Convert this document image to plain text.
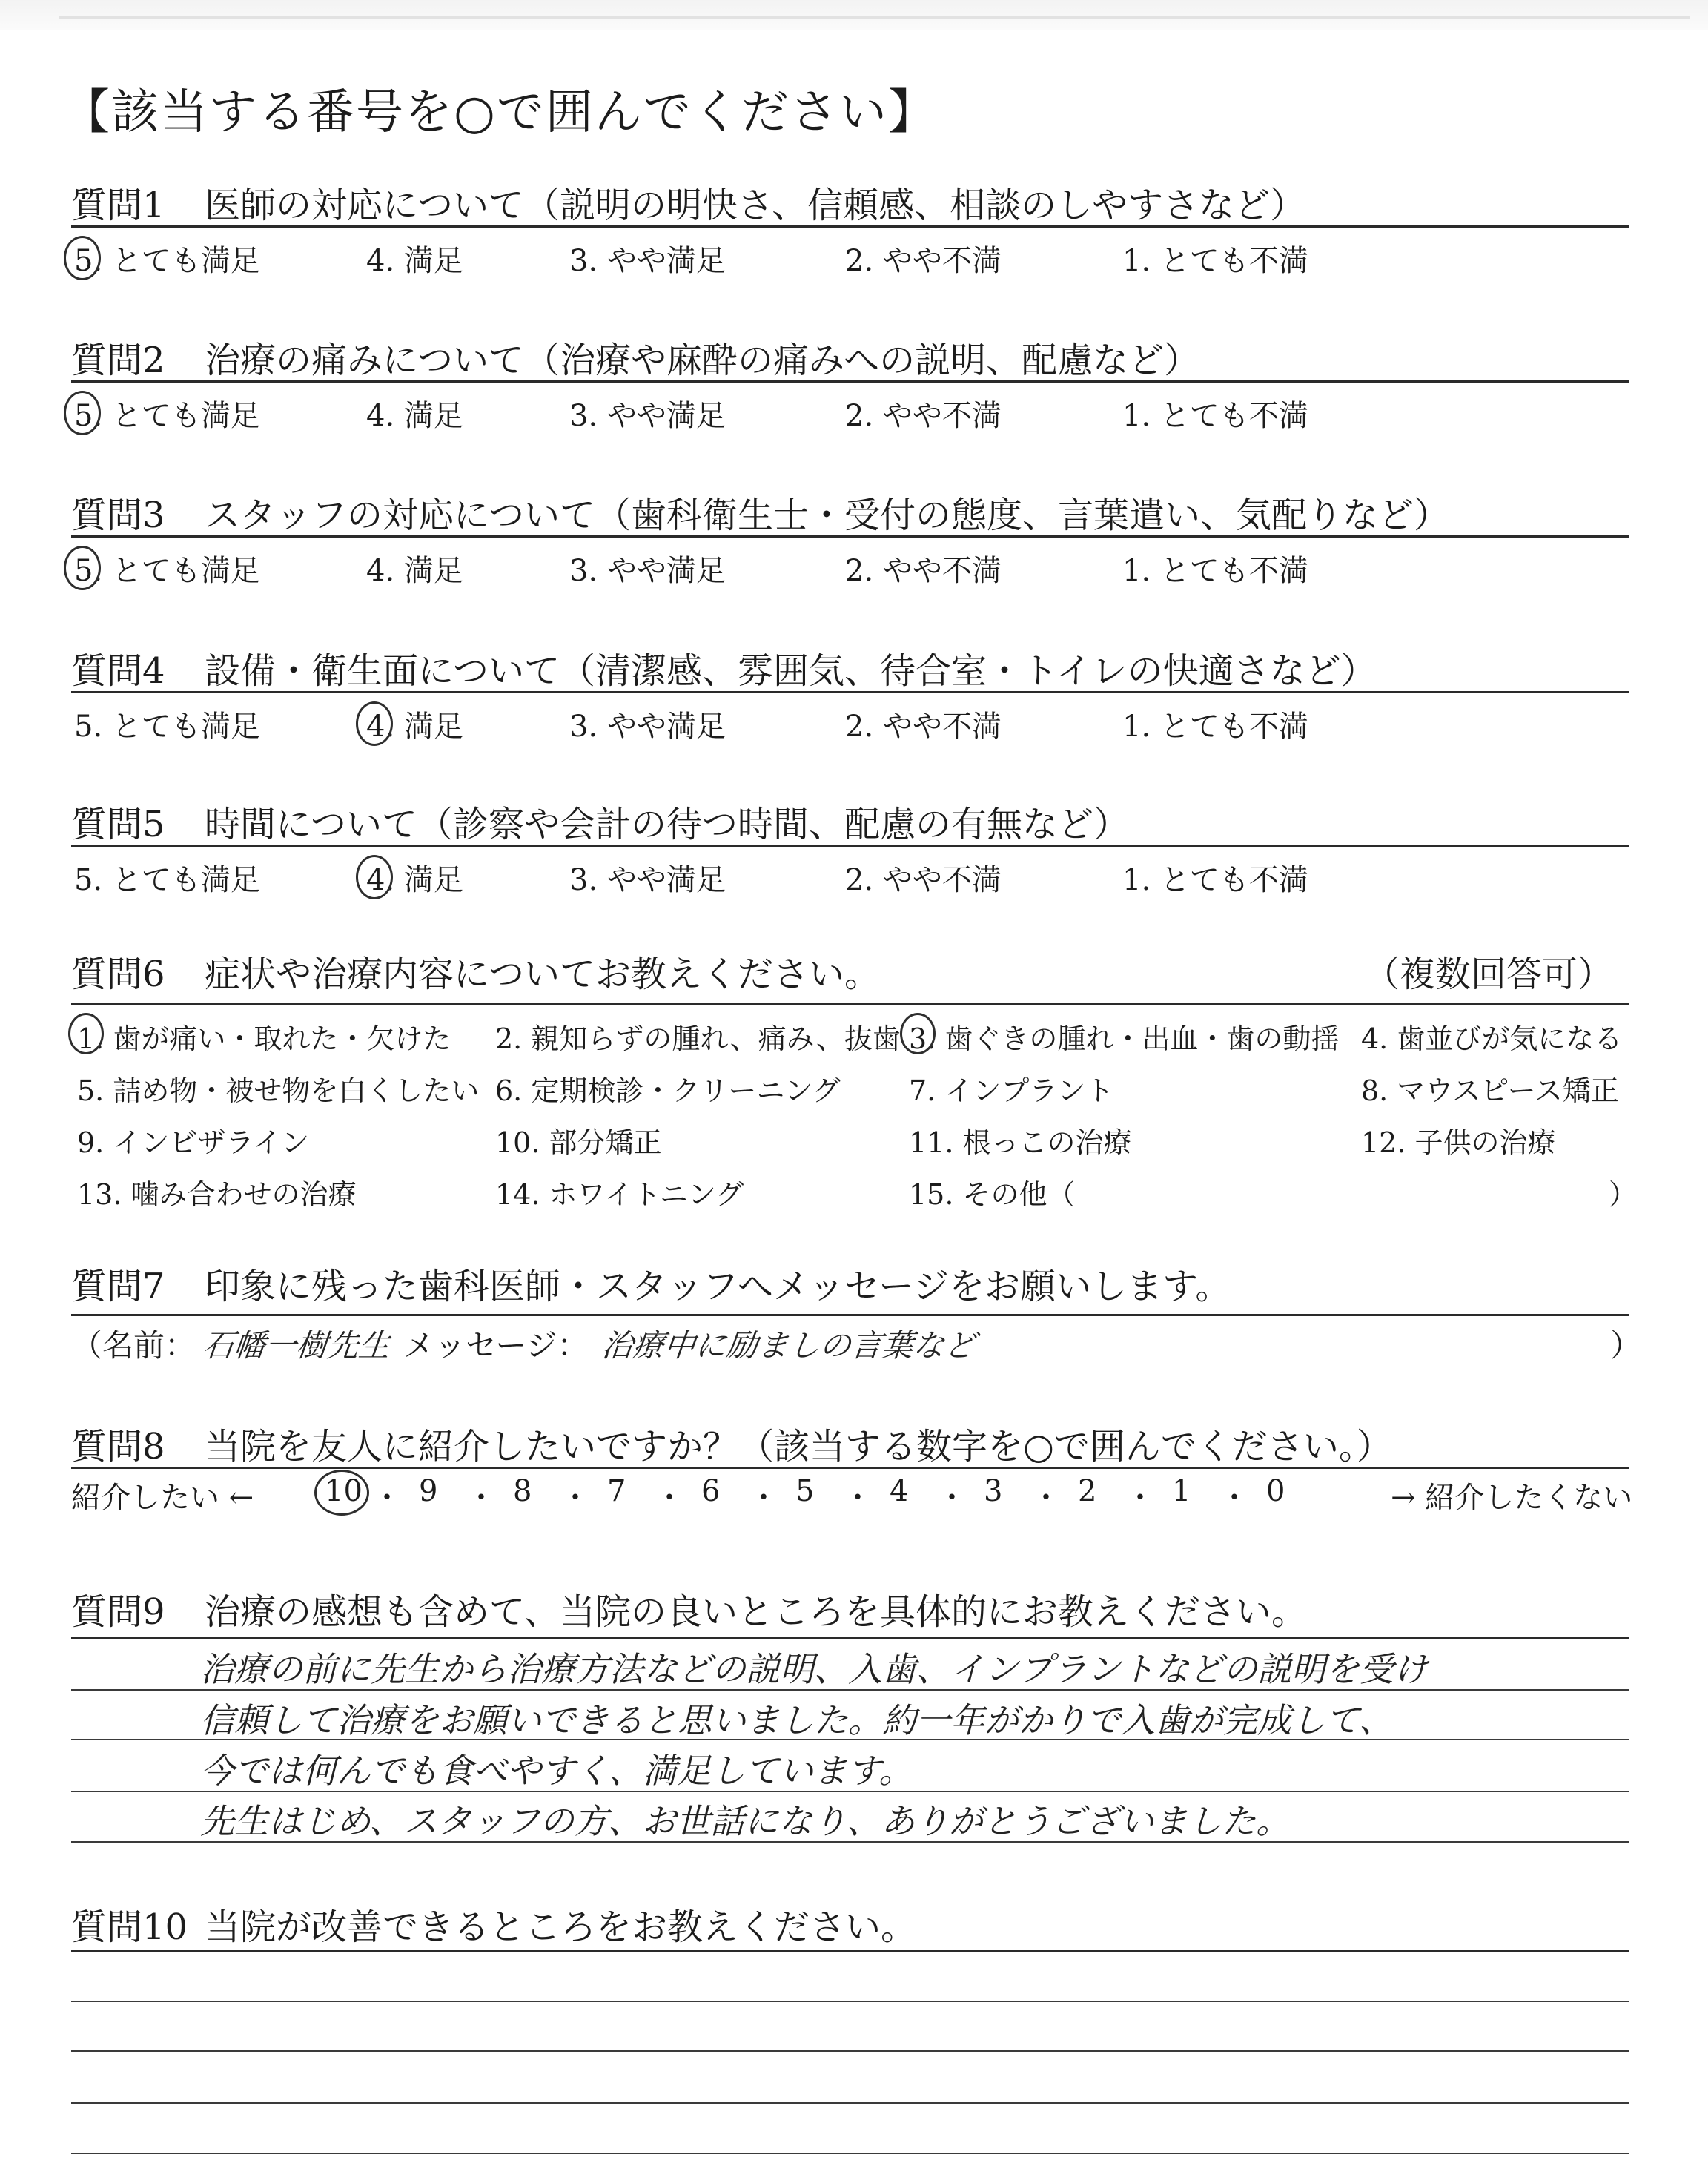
【該当する番号を○で囲んでください】
質問1 医師の対応について（説明の明快さ、信頼感、相談のしやすさなど）
5. とても満足	4. 満足	3. やや満足	2. やや不満	1. とても不満
質問2 治療の痛みについて（治療や麻酔の痛みへの説明、配慮など）
5. とても満足	4. 満足	3. やや満足	2. やや不満	1. とても不満
質問3 スタッフの対応について（歯科衛生士・受付の態度、言葉遣い、気配りなど）
5. とても満足	4. 満足	3. やや満足	2. やや不満	1. とても不満
質問4 設備・衛生面について（清潔感、雰囲気、待合室・トイレの快適さなど）
5. とても満足	4. 満足	3. やや満足	2. やや不満	1. とても不満
質問5 時間について（診察や会計の待つ時間、配慮の有無など）
5. とても満足	4. 満足	3. やや満足	2. やや不満	1. とても不満
質問6 症状や治療内容についてお教えください。	（複数回答可）
1. 歯が痛い・取れた・欠けた 2. 親知らずの腫れ、痛み、抜歯 3. 歯ぐきの腫れ・出血・歯の動揺 4. 歯並びが気になる
5. 詰め物・被せ物を白くしたい 6. 定期検診・クリーニング 7. インプラント	8. マウスピース矯正
9. インビザライン	10. 部分矯正	11. 根っこの治療	12. 子供の治療
13. 噛み合わせの治療	14. ホワイトニング	15. その他（	）
質問7 印象に残った歯科医師・スタッフへメッセージをお願いします。
（名前： 石幡一樹先生 メッセージ： 治療中に励ましの言葉など	）
質問8 当院を友人に紹介したいですか？（該当する数字を○で囲んでください。）
紹介したい ←	→ 紹介したくない
10 ・ 9 ・ 8 ・ 7 ・ 6 ・ 5 ・ 4 ・ 3 ・ 2 ・ 1 ・ 0
質問9 治療の感想も含めて、当院の良いところを具体的にお教えください。
治療の前に先生から治療方法などの説明、入歯、インプラントなどの説明を受け
信頼して治療をお願いできると思いました。約一年がかりで入歯が完成して、
今では何んでも食べやすく、満足しています。
先生はじめ、スタッフの方、お世話になり、ありがとうございました。
質問10 当院が改善できるところをお教えください。
